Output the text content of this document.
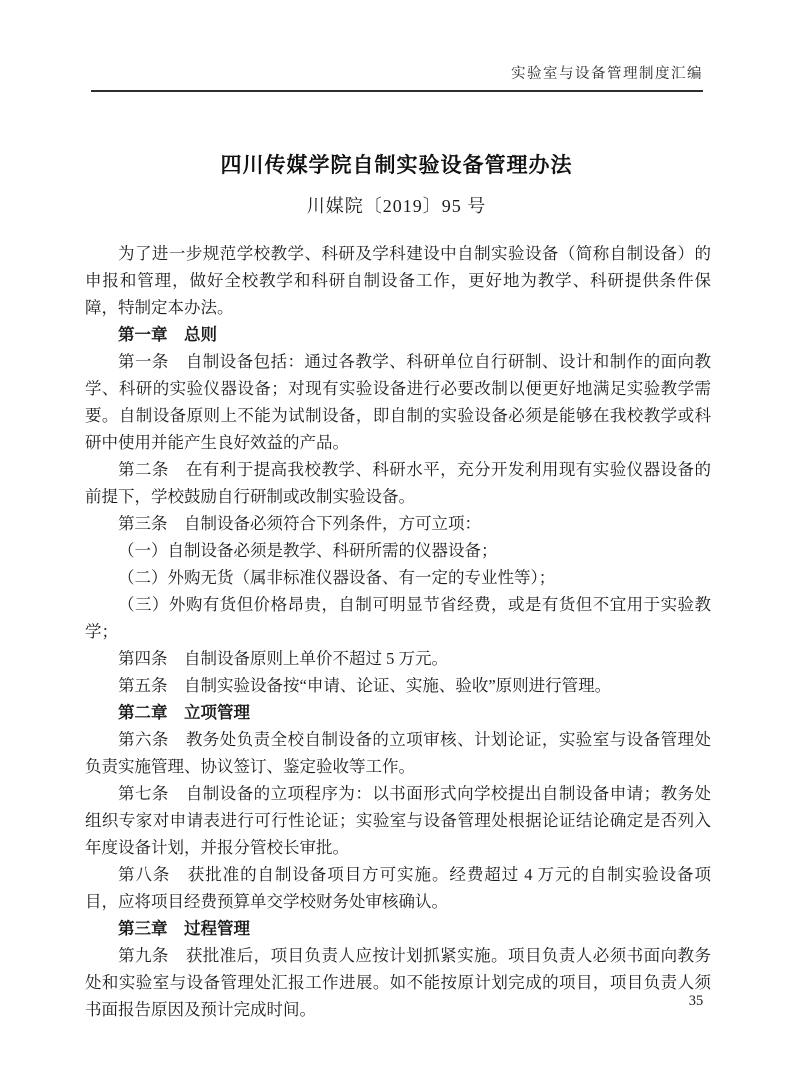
实验室与设备管理制度汇编
四川传媒学院自制实验设备管理办法
川媒院〔2019〕95 号

为了进一步规范学校教学、科研及学科建设中自制实验设备（简称自制设备）的申报和管理，做好全校教学和科研自制设备工作，更好地为教学、科研提供条件保障，特制定本办法。

第一章　总则

第一条　自制设备包括：通过各教学、科研单位自行研制、设计和制作的面向教学、科研的实验仪器设备；对现有实验设备进行必要改制以便更好地满足实验教学需要。自制设备原则上不能为试制设备，即自制的实验设备必须是能够在我校教学或科研中使用并能产生良好效益的产品。

第二条　在有利于提高我校教学、科研水平，充分开发利用现有实验仪器设备的前提下，学校鼓励自行研制或改制实验设备。

第三条　自制设备必须符合下列条件，方可立项：

（一）自制设备必须是教学、科研所需的仪器设备；

（二）外购无货（属非标准仪器设备、有一定的专业性等）；

（三）外购有货但价格昂贵，自制可明显节省经费，或是有货但不宜用于实验教学；

第四条　自制设备原则上单价不超过 5 万元。

第五条　自制实验设备按“申请、论证、实施、验收”原则进行管理。

第二章　立项管理

第六条　教务处负责全校自制设备的立项审核、计划论证，实验室与设备管理处负责实施管理、协议签订、鉴定验收等工作。

第七条　自制设备的立项程序为：以书面形式向学校提出自制设备申请；教务处组织专家对申请表进行可行性论证；实验室与设备管理处根据论证结论确定是否列入年度设备计划，并报分管校长审批。

第八条　获批准的自制设备项目方可实施。经费超过 4 万元的自制实验设备项目，应将项目经费预算单交学校财务处审核确认。

第三章　过程管理

第九条　获批准后，项目负责人应按计划抓紧实施。项目负责人必须书面向教务处和实验室与设备管理处汇报工作进展。如不能按原计划完成的项目，项目负责人须书面报告原因及预计完成时间。	35
